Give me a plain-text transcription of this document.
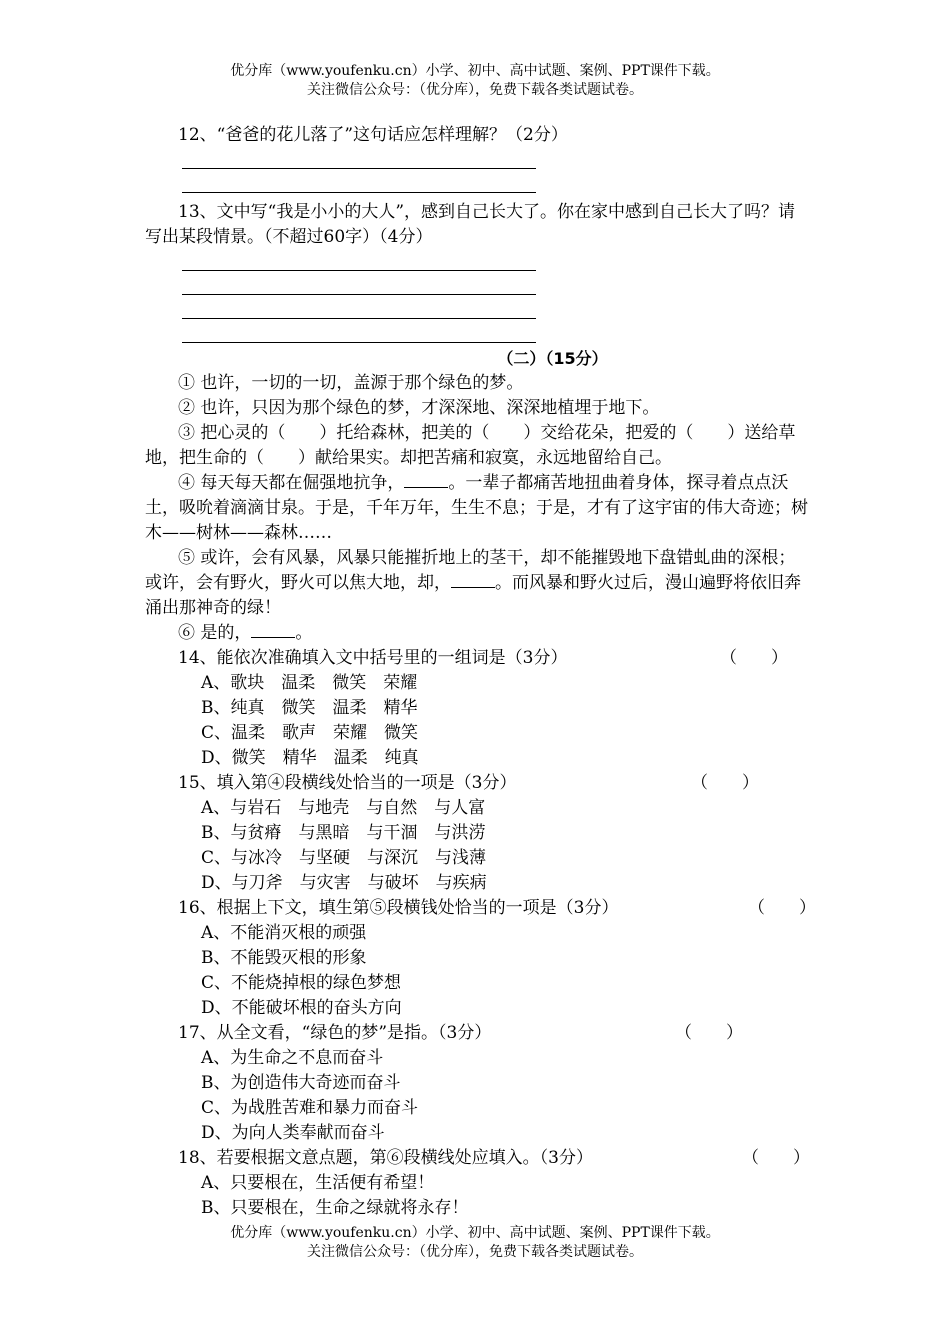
优分库（www.youfenku.cn）小学、初中、高中试题、案例、PPT课件下载。
关注微信公众号：（优分库），免费下载各类试题试卷。
12、“爸爸的花儿落了”这句话应怎样理解？（2分）
13、文中写“我是小小的大人”，感到自己长大了。你在家中感到自己长大了吗？请写出某段情景。（不超过60字）（4分）
（二）（15分）
① 也许，一切的一切，盖源于那个绿色的梦。
② 也许，只因为那个绿色的梦，才深深地、深深地植埋于地下。
③ 把心灵的（　　）托给森林，把美的（　　）交给花朵，把爱的（　　）送给草地，把生命的（　　）献给果实。却把苦痛和寂寞，永远地留给自己。
④ 每天每天都在倔强地抗争，	。一辈子都痛苦地扭曲着身体，探寻着点点沃土，吸吮着滴滴甘泉。于是，千年万年，生生不息；于是，才有了这宇宙的伟大奇迹；树木——树林——森林……
⑤ 或许，会有风暴，风暴只能摧折地上的茎干，却不能摧毁地下盘错虬曲的深根；或许，会有野火，野火可以焦大地，却，	。而风暴和野火过后，漫山遍野将依旧奔涌出那神奇的绿！
⑥ 是的，	。
14、能依次准确填入文中括号里的一组词是（3分）	（　　）
A、歌块　温柔　微笑　荣耀
B、纯真　微笑　温柔　精华
C、温柔　歌声　荣耀　微笑
D、微笑　精华　温柔　纯真
15、填入第④段横线处恰当的一项是（3分）	（　　）
A、与岩石　与地壳　与自然　与人富
B、与贫瘠　与黑暗　与干涸　与洪涝
C、与冰冷　与坚硬　与深沉　与浅薄
D、与刀斧　与灾害　与破坏　与疾病
16、根据上下文，填生第⑤段横钱处恰当的一项是（3分）	（　　）
A、不能消灭根的顽强
B、不能毁灭根的形象
C、不能烧掉根的绿色梦想
D、不能破坏根的奋头方向
17、从全文看，“绿色的梦”是指。（3分）	（　　）
A、为生命之不息而奋斗
B、为创造伟大奇迹而奋斗
C、为战胜苦难和暴力而奋斗
D、为向人类奉献而奋斗
18、若要根据文意点题，第⑥段横线处应填入。（3分）	（　　）
A、只要根在，生活便有希望！
B、只要根在，生命之绿就将永存！
优分库（www.youfenku.cn）小学、初中、高中试题、案例、PPT课件下载。
关注微信公众号：（优分库），免费下载各类试题试卷。
